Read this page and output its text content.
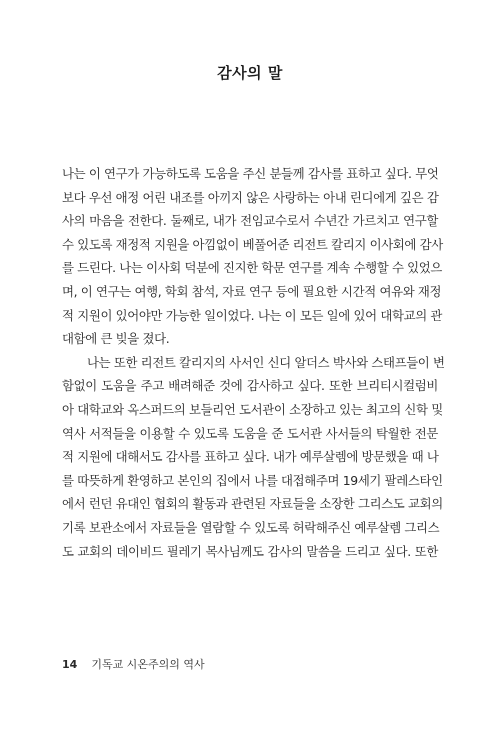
감사의 말
나는 이 연구가 가능하도록 도움을 주신 분들께 감사를 표하고 싶다. 무엇
보다 우선 애정 어린 내조를 아끼지 않은 사랑하는 아내 린디에게 깊은 감
사의 마음을 전한다. 둘째로, 내가 전임교수로서 수년간 가르치고 연구할
수 있도록 재정적 지원을 아낌없이 베풀어준 리전트 칼리지 이사회에 감사
를 드린다. 나는 이사회 덕분에 진지한 학문 연구를 계속 수행할 수 있었으
며, 이 연구는 여행, 학회 참석, 자료 연구 등에 필요한 시간적 여유와 재정
적 지원이 있어야만 가능한 일이었다. 나는 이 모든 일에 있어 대학교의 관
대함에 큰 빚을 졌다.
나는 또한 리전트 칼리지의 사서인 신디 알더스 박사와 스태프들이 변
함없이 도움을 주고 배려해준 것에 감사하고 싶다. 또한 브리티시컬럼비
아 대학교와 옥스퍼드의 보들리언 도서관이 소장하고 있는 최고의 신학 및
역사 서적들을 이용할 수 있도록 도움을 준 도서관 사서들의 탁월한 전문
적 지원에 대해서도 감사를 표하고 싶다. 내가 예루살렘에 방문했을 때 나
를 따뜻하게 환영하고 본인의 집에서 나를 대접해주며 19세기 팔레스타인
에서 런던 유대인 협회의 활동과 관련된 자료들을 소장한 그리스도 교회의
기록 보관소에서 자료들을 열람할 수 있도록 허락해주신 예루살렘 그리스
도 교회의 데이비드 필레기 목사님께도 감사의 말씀을 드리고 싶다. 또한
14 기독교 시온주의의 역사
